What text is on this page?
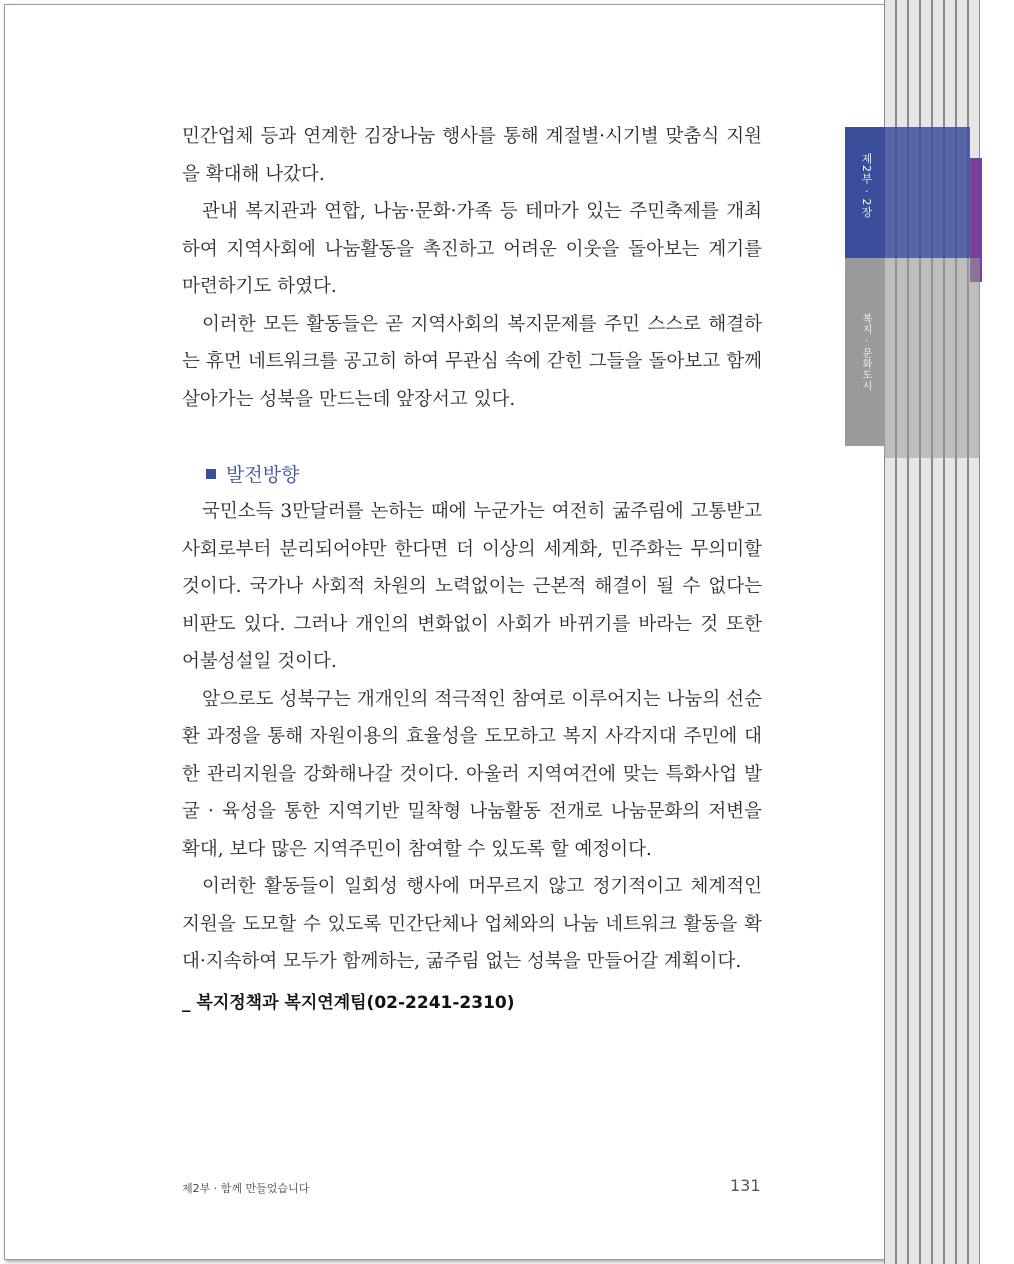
제2부 · 2장
복지 · 문화도시

민간업체 등과 연계한 김장나눔 행사를 통해 계절별·시기별 맞춤식 지원을 확대해 나갔다.

관내 복지관과 연합, 나눔·문화·가족 등 테마가 있는 주민축제를 개최하여 지역사회에 나눔활동을 촉진하고 어려운 이웃을 돌아보는 계기를 마련하기도 하였다.

이러한 모든 활동들은 곧 지역사회의 복지문제를 주민 스스로 해결하는 휴먼 네트워크를 공고히 하여 무관심 속에 갇힌 그들을 돌아보고 함께 살아가는 성북을 만드는데 앞장서고 있다.

발전방향

국민소득 3만달러를 논하는 때에 누군가는 여전히 굶주림에 고통받고 사회로부터 분리되어야만 한다면 더 이상의 세계화, 민주화는 무의미할 것이다. 국가나 사회적 차원의 노력없이는 근본적 해결이 될 수 없다는 비판도 있다. 그러나 개인의 변화없이 사회가 바뀌기를 바라는 것 또한 어불성설일 것이다.

앞으로도 성북구는 개개인의 적극적인 참여로 이루어지는 나눔의 선순환 과정을 통해 자원이용의 효율성을 도모하고 복지 사각지대 주민에 대한 관리지원을 강화해나갈 것이다. 아울러 지역여건에 맞는 특화사업 발굴 · 육성을 통한 지역기반 밀착형 나눔활동 전개로 나눔문화의 저변을 확대, 보다 많은 지역주민이 참여할 수 있도록 할 예정이다.

이러한 활동들이 일회성 행사에 머무르지 않고 정기적이고 체계적인 지원을 도모할 수 있도록 민간단체나 업체와의 나눔 네트워크 활동을 확대·지속하여 모두가 함께하는, 굶주림 없는 성북을 만들어갈 계획이다.

_ 복지정책과 복지연계팀(02-2241-2310)
제2부 · 함께 만들었습니다	131
